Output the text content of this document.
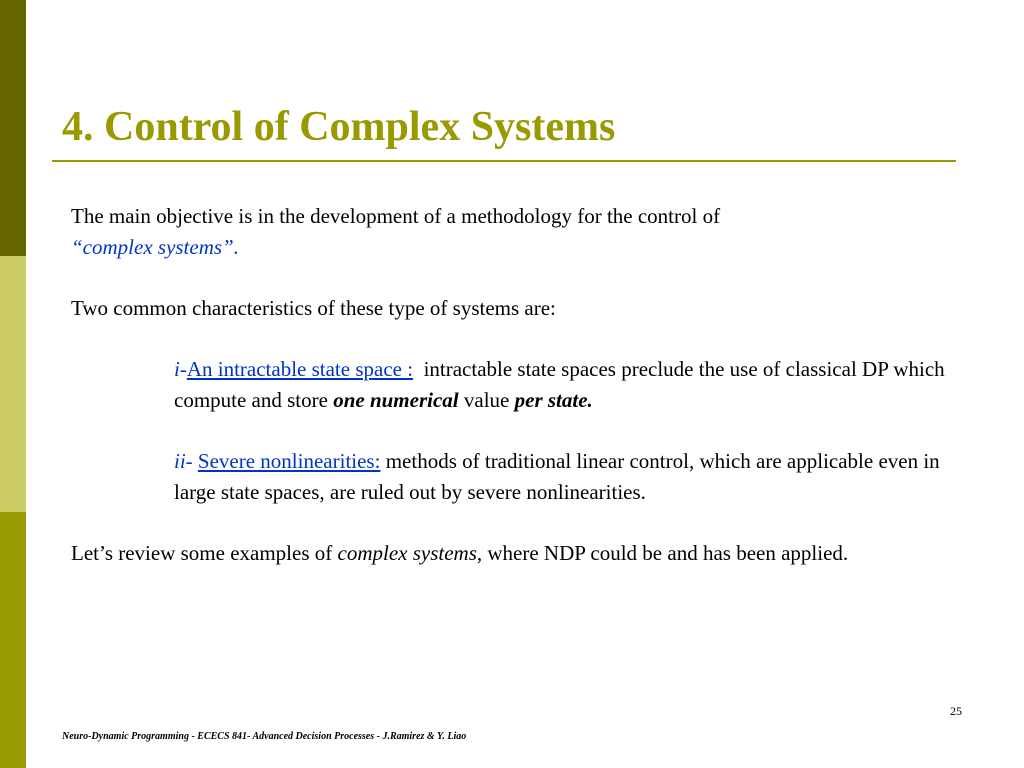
4. Control of Complex Systems
The main objective is in the development of a methodology for the control of
“complex systems”.
Two common characteristics of these type of systems are:
i-An intractable state space : intractable state spaces preclude the use of classical DP which compute and store one numerical value per state.
ii- Severe nonlinearities: methods of traditional linear control, which are applicable even in large state spaces, are ruled out by severe nonlinearities.
Let’s review some examples of complex systems, where NDP could be and has been applied.
25
Neuro-Dynamic Programming - ECECS 841- Advanced Decision Processes - J.Ramirez & Y. Liao
